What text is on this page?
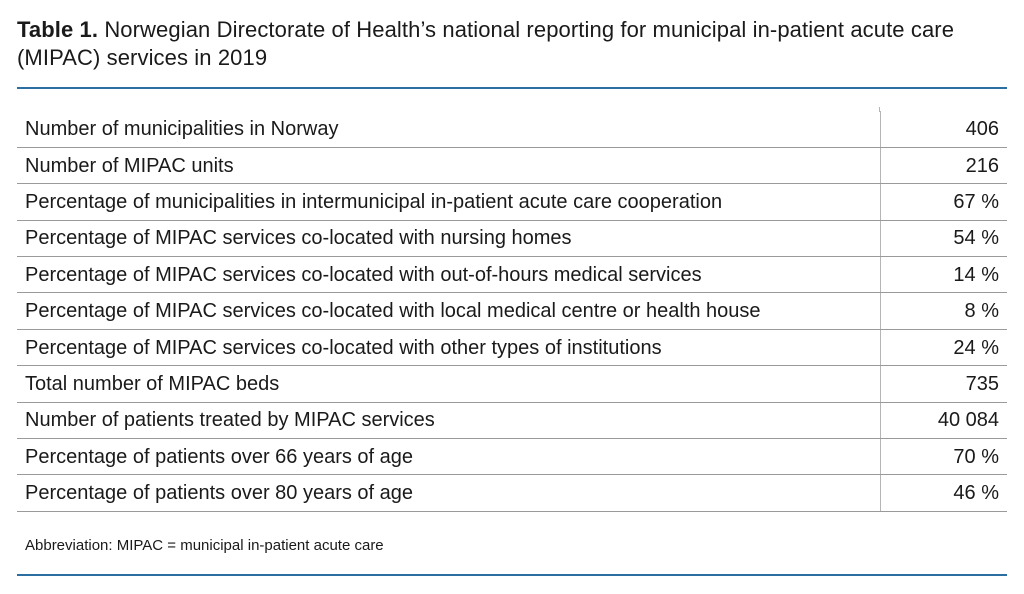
Table 1. Norwegian Directorate of Health’s national reporting for municipal in-patient acute care (MIPAC) services in 2019
Number of municipalities in Norway	406
Number of MIPAC units	216
Percentage of municipalities in intermunicipal in-patient acute care cooperation	67 %
Percentage of MIPAC services co-located with nursing homes	54 %
Percentage of MIPAC services co-located with out-of-hours medical services	14 %
Percentage of MIPAC services co-located with local medical centre or health house	8 %
Percentage of MIPAC services co-located with other types of institutions	24 %
Total number of MIPAC beds	735
Number of patients treated by MIPAC services	40 084
Percentage of patients over 66 years of age	70 %
Percentage of patients over 80 years of age	46 %
Abbreviation: MIPAC = municipal in-patient acute care
